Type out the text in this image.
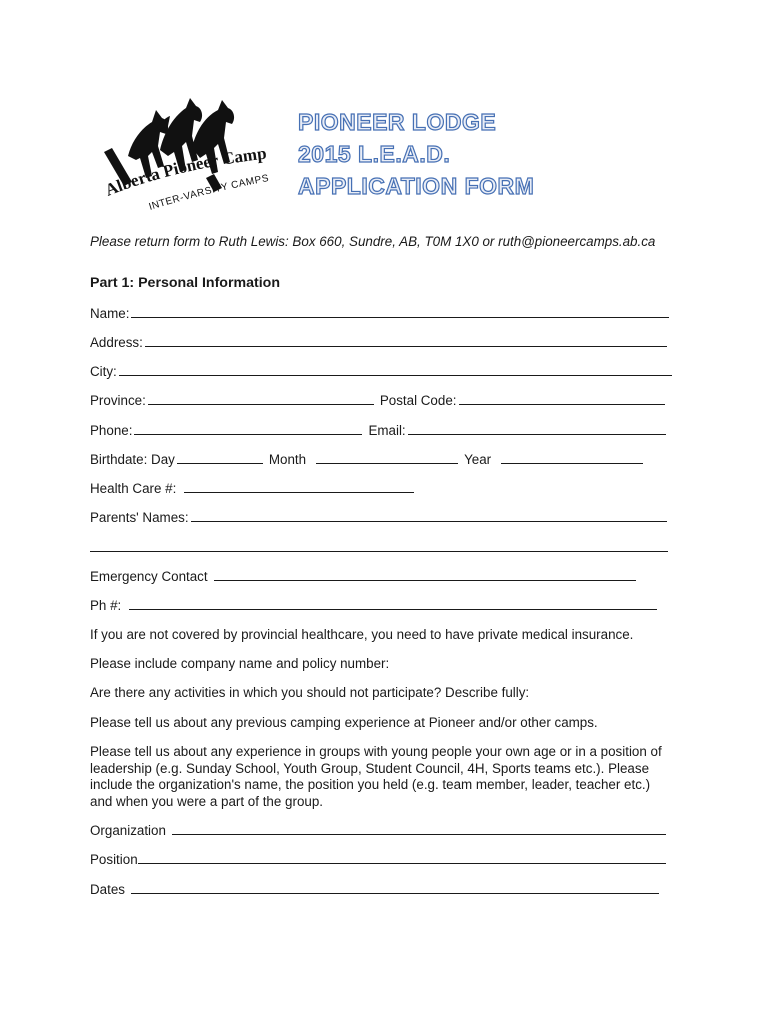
Alberta Pioneer Camp
INTER-VARSITY CAMPS
PIONEER LODGE
2015 L.E.A.D.
APPLICATION FORM
Please return form to Ruth Lewis: Box 660, Sundre, AB, T0M 1X0 or ruth@pioneercamps.ab.ca
Part 1: Personal Information
Name:
Address:
City:
Province:	Postal Code:
Phone:	Email:
Birthdate: Day	Month	Year
Health Care #:
Parents' Names:
Emergency Contact
Ph #:
If you are not covered by provincial healthcare, you need to have private medical insurance.
Please include company name and policy number:
Are there any activities in which you should not participate? Describe fully:
Please tell us about any previous camping experience at Pioneer and/or other camps.
Please tell us about any experience in groups with young people your own age or in a position of leadership (e.g. Sunday School, Youth Group, Student Council, 4H, Sports teams etc.). Please include the organization's name, the position you held (e.g. team member, leader, teacher etc.) and when you were a part of the group.
Organization
Position
Dates
